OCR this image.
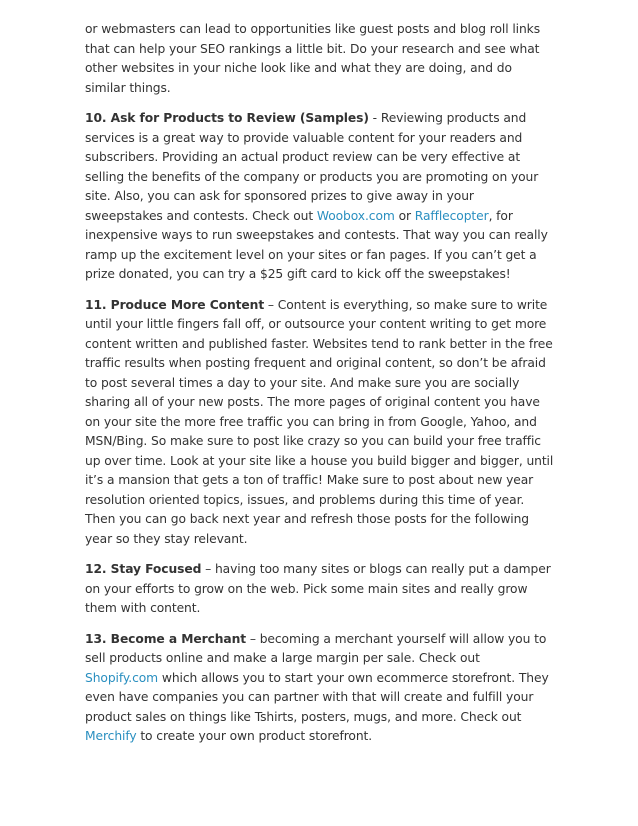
or webmasters can lead to opportunities like guest posts and blog roll links that can help your SEO rankings a little bit. Do your research and see what other websites in your niche look like and what they are doing, and do similar things.

10. Ask for Products to Review (Samples) - Reviewing products and services is a great way to provide valuable content for your readers and subscribers. Providing an actual product review can be very effective at selling the benefits of the company or products you are promoting on your site. Also, you can ask for sponsored prizes to give away in your sweepstakes and contests. Check out Woobox.com or Rafflecopter, for inexpensive ways to run sweepstakes and contests. That way you can really ramp up the excitement level on your sites or fan pages. If you can’t get a prize donated, you can try a $25 gift card to kick off the sweepstakes!

11. Produce More Content – Content is everything, so make sure to write until your little fingers fall off, or outsource your content writing to get more content written and published faster. Websites tend to rank better in the free traffic results when posting frequent and original content, so don’t be afraid to post several times a day to your site. And make sure you are socially sharing all of your new posts. The more pages of original content you have on your site the more free traffic you can bring in from Google, Yahoo, and MSN/Bing. So make sure to post like crazy so you can build your free traffic up over time. Look at your site like a house you build bigger and bigger, until it’s a mansion that gets a ton of traffic! Make sure to post about new year resolution oriented topics, issues, and problems during this time of year. Then you can go back next year and refresh those posts for the following year so they stay relevant.

12. Stay Focused – having too many sites or blogs can really put a damper on your efforts to grow on the web. Pick some main sites and really grow them with content.

13. Become a Merchant – becoming a merchant yourself will allow you to sell products online and make a large margin per sale. Check out Shopify.com which allows you to start your own ecommerce storefront. They even have companies you can partner with that will create and fulfill your product sales on things like Tshirts, posters, mugs, and more. Check out Merchify to create your own product storefront.
